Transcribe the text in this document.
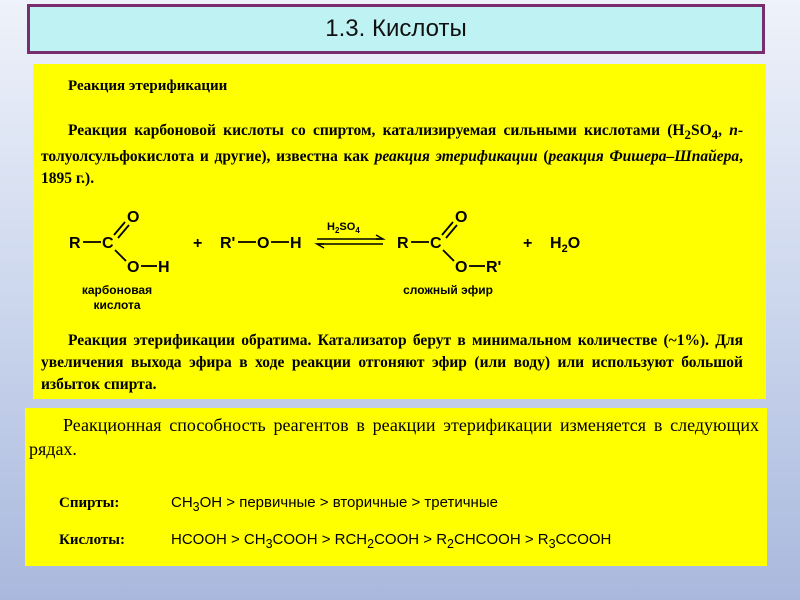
1.3. Кислоты
Реакция этерификации

Реакция карбоновой кислоты со спиртом, катализируемая сильными кислотами ($H_2SO_4$, n-толуолсульфокислота и другие), известна как реакция этерификации (реакция Фишера–Шпайера, 1895 г.).

R C
O
O H
+ R' O H
$H_2SO_4$
R C
O
O R'
+ $H_2O$
карбоновая
кислота
сложный эфир

Реакция этерификации обратима. Катализатор берут в минимальном количестве (~1%). Для увеличения выхода эфира в ходе реакции отгоняют эфир (или воду) или используют большой избыток спирта.

Реакционная способность реагентов в реакции этерификации изменяется в следующих рядах.

Спирты:	$CH_3OH$ > первичные > вторичные > третичные
Кислоты:	HCOOH > $CH_3COOH$ > $RCH_2COOH$ > $R_2CHCOOH$ > $R_3CCOOH$
